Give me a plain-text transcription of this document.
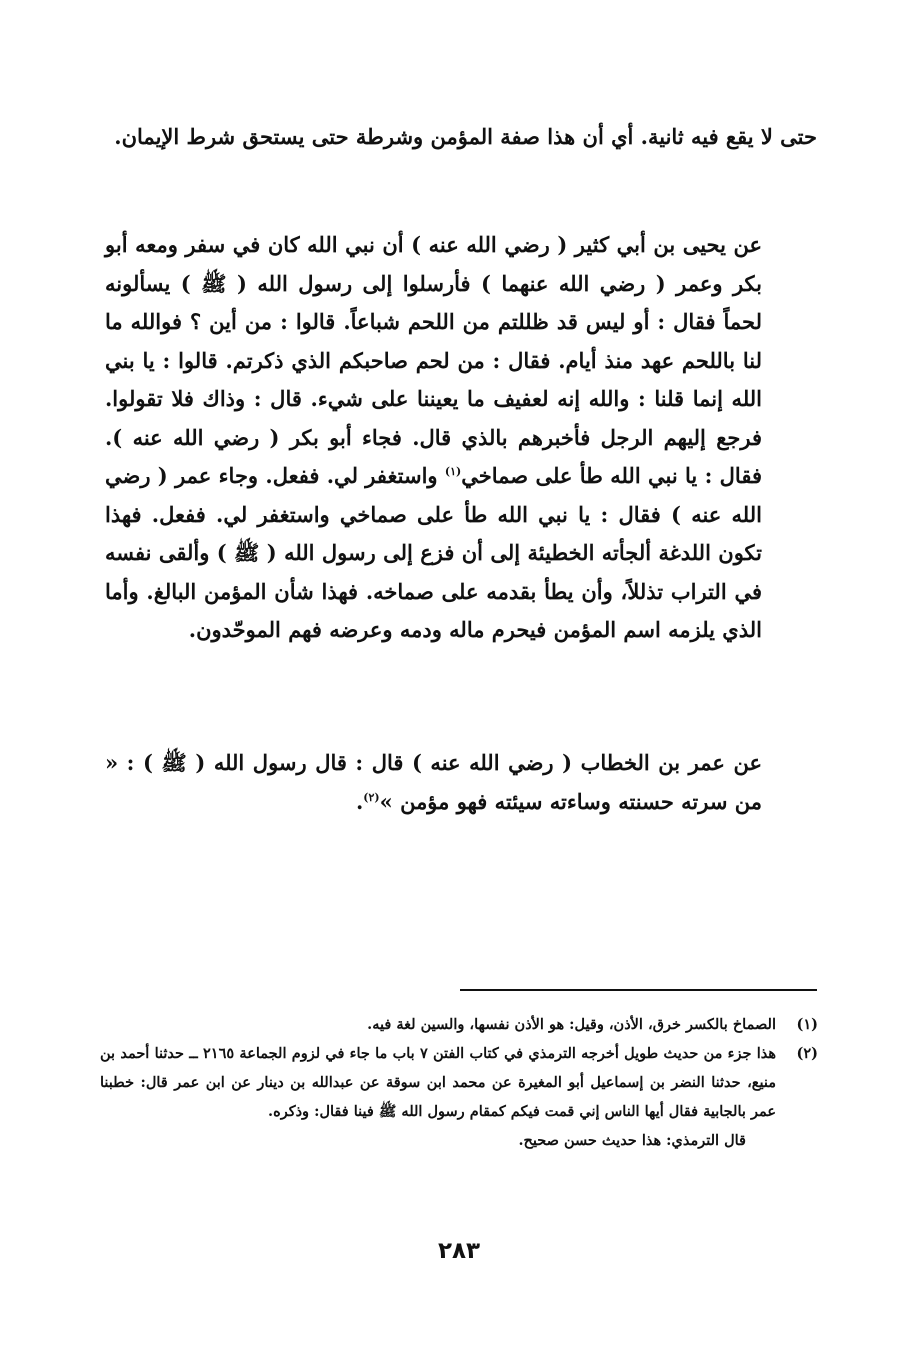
حتى لا يقع فيه ثانية. أي أن هذا صفة المؤمن وشرطة حتى يستحق شرط الإيمان.

عن يحيى بن أبي كثير ( رضي الله عنه ) أن نبي الله كان في سفر ومعه أبو بكر وعمر ( رضي الله عنهما ) فأرسلوا إلى رسول الله ( ﷺ ) يسألونه لحماً فقال : أو ليس قد ظللتم من اللحم شباعاً. قالوا : من أين ؟ فوالله ما لنا باللحم عهد منذ أيام. فقال : من لحم صاحبكم الذي ذكرتم. قالوا : يا بني الله إنما قلنا : والله إنه لعفيف ما يعيننا على شيء. قال : وذاك فلا تقولوا. فرجع إليهم الرجل فأخبرهم بالذي قال. فجاء أبو بكر ( رضي الله عنه ). فقال : يا نبي الله طأ على صماخي$^{(١)}$ واستغفر لي. ففعل. وجاء عمر ( رضي الله عنه ) فقال : يا نبي الله طأ على صماخي واستغفر لي. ففعل. فهذا تكون اللدغة ألجأته الخطيئة إلى أن فزع إلى رسول الله ( ﷺ ) وألقى نفسه في التراب تذللاً، وأن يطأ بقدمه على صماخه. فهذا شأن المؤمن البالغ. وأما الذي يلزمه اسم المؤمن فيحرم ماله ودمه وعرضه فهم الموحّدون.

عن عمر بن الخطاب ( رضي الله عنه ) قال : قال رسول الله ( ﷺ ) : « من سرته حسنته وساءته سيئته فهو مؤمن »$^{(٢)}$.

(١)
الصماخ بالكسر خرق، الأذن، وقيل: هو الأذن نفسها، والسين لغة فيه.
(٢)
هذا جزء من حديث طويل أخرجه الترمذي في كتاب الفتن ٧ باب ما جاء في لزوم الجماعة ٢١٦٥ ــ حدثنا أحمد بن منيع، حدثنا النضر بن إسماعيل أبو المغيرة عن محمد ابن سوقة عن عبدالله بن دينار عن ابن عمر قال: خطبنا عمر بالجابية فقال أيها الناس إني قمت فيكم كمقام رسول الله ﷺ فينا فقال: وذكره.
قال الترمذي: هذا حديث حسن صحيح.
٢٨٣
